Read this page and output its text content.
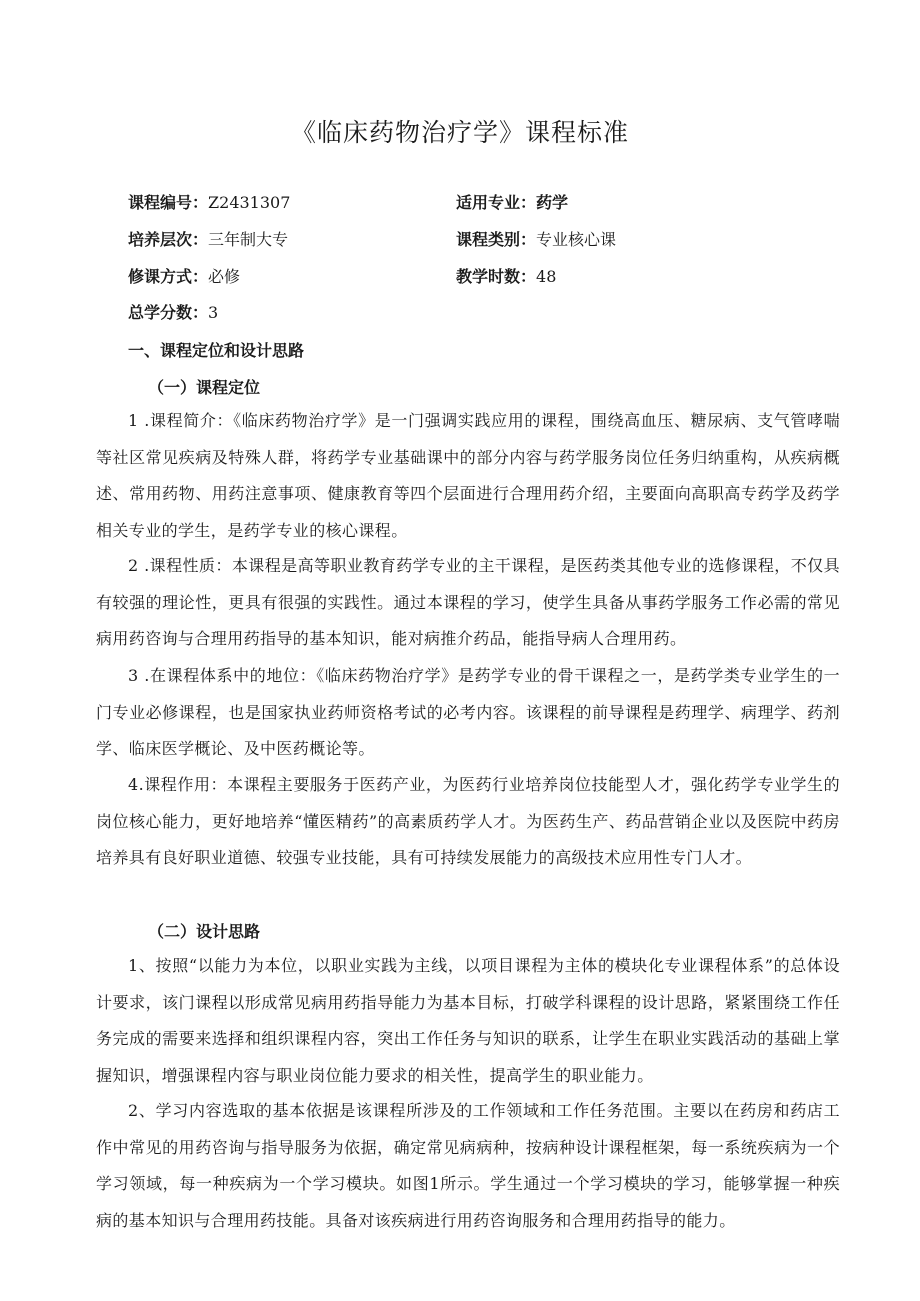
《临床药物治疗学》课程标准
课程编号：Z2431307	适用专业：药学
培养层次：三年制大专	课程类别：专业核心课
修课方式：必修	教学时数：48
总学分数：3
一、课程定位和设计思路
（一）课程定位
1 .课程简介：《临床药物治疗学》是一门强调实践应用的课程，围绕高血压、糖尿病、支气管哮喘等社区常见疾病及特殊人群，将药学专业基础课中的部分内容与药学服务岗位任务归纳重构，从疾病概述、常用药物、用药注意事项、健康教育等四个层面进行合理用药介绍，主要面向高职高专药学及药学相关专业的学生，是药学专业的核心课程。
2 .课程性质：本课程是高等职业教育药学专业的主干课程，是医药类其他专业的选修课程，不仅具有较强的理论性，更具有很强的实践性。通过本课程的学习，使学生具备从事药学服务工作必需的常见病用药咨询与合理用药指导的基本知识，能对病推介药品，能指导病人合理用药。
3 .在课程体系中的地位：《临床药物治疗学》是药学专业的骨干课程之一，是药学类专业学生的一门专业必修课程，也是国家执业药师资格考试的必考内容。该课程的前导课程是药理学、病理学、药剂学、临床医学概论、及中医药概论等。
4.课程作用：本课程主要服务于医药产业，为医药行业培养岗位技能型人才，强化药学专业学生的岗位核心能力，更好地培养“懂医精药”的高素质药学人才。为医药生产、药品营销企业以及医院中药房培养具有良好职业道德、较强专业技能，具有可持续发展能力的高级技术应用性专门人才。
（二）设计思路
1、按照“以能力为本位，以职业实践为主线，以项目课程为主体的模块化专业课程体系”的总体设计要求，该门课程以形成常见病用药指导能力为基本目标，打破学科课程的设计思路，紧紧围绕工作任务完成的需要来选择和组织课程内容，突出工作任务与知识的联系，让学生在职业实践活动的基础上掌握知识，增强课程内容与职业岗位能力要求的相关性，提高学生的职业能力。
2、学习内容选取的基本依据是该课程所涉及的工作领域和工作任务范围。主要以在药房和药店工作中常见的用药咨询与指导服务为依据，确定常见病病种，按病种设计课程框架，每一系统疾病为一个学习领域，每一种疾病为一个学习模块。如图1所示。学生通过一个学习模块的学习，能够掌握一种疾病的基本知识与合理用药技能。具备对该疾病进行用药咨询服务和合理用药指导的能力。
